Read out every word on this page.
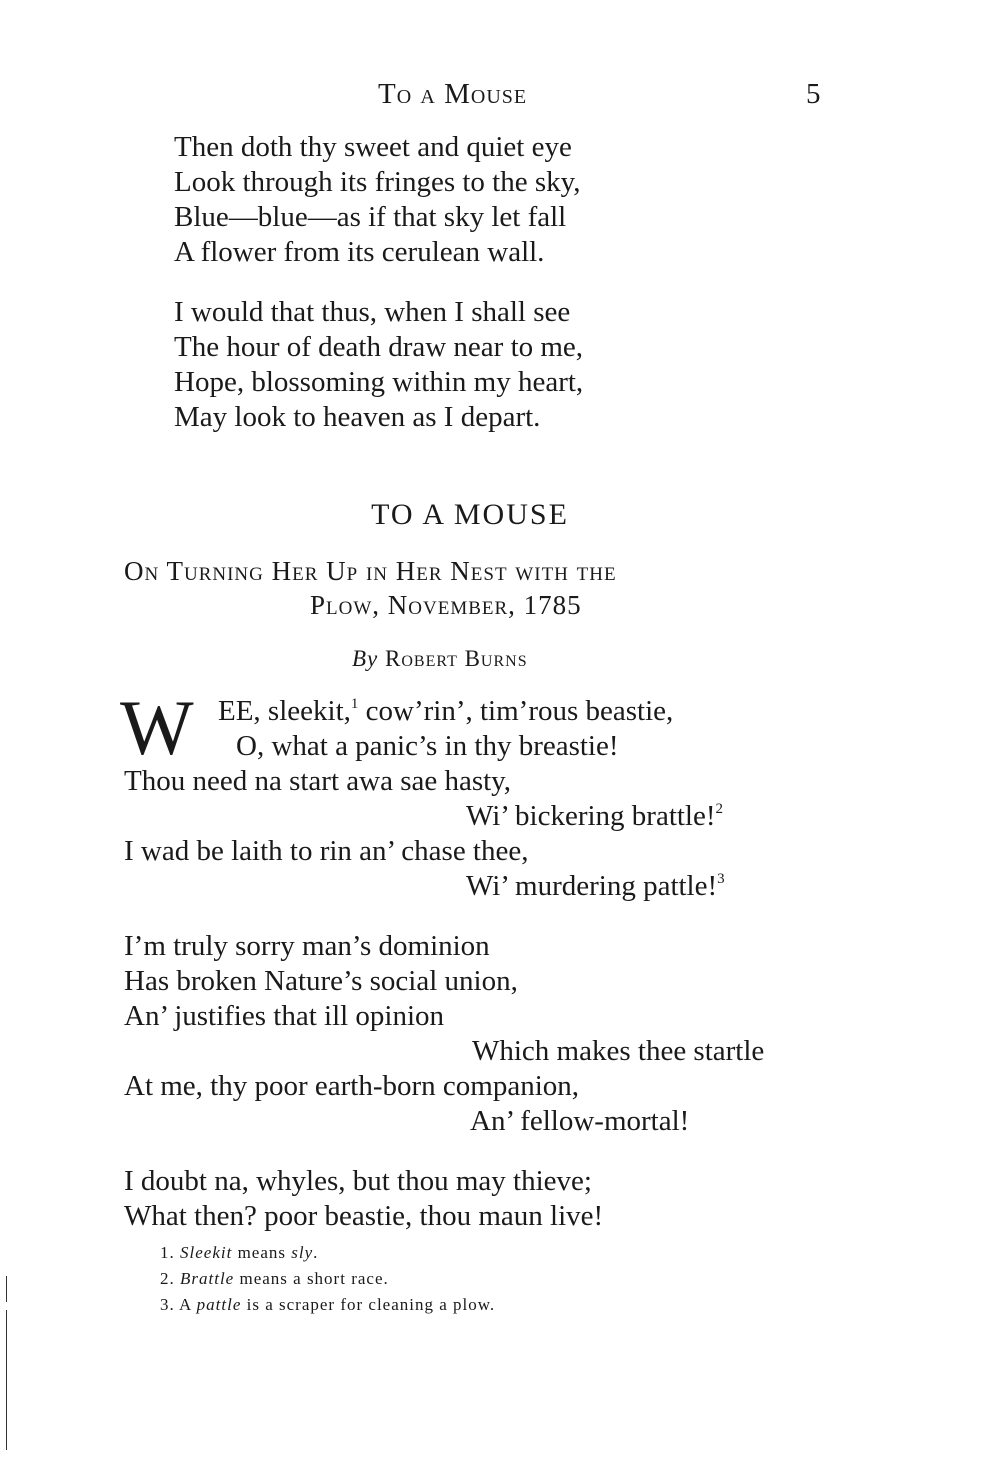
To a Mouse	5
Then doth thy sweet and quiet eye
Look through its fringes to the sky,
Blue—blue—as if that sky let fall
A flower from its cerulean wall.
I would that thus, when I shall see
The hour of death draw near to me,
Hope, blossoming within my heart,
May look to heaven as I depart.
TO A MOUSE
On Turning Her Up in Her Nest with the
Plow, November, 1785
By Robert Burns
W EE, sleekit,$^1$ cow’rin’, tim’rous beastie,
O, what a panic’s in thy breastie!
Thou need na start awa sae hasty,
Wi’ bickering brattle!$^2$
I wad be laith to rin an’ chase thee,
Wi’ murdering pattle!$^3$
I’m truly sorry man’s dominion
Has broken Nature’s social union,
An’ justifies that ill opinion
Which makes thee startle
At me, thy poor earth-born companion,
An’ fellow-mortal!
I doubt na, whyles, but thou may thieve;
What then? poor beastie, thou maun live!
1. Sleekit means sly.
2. Brattle means a short race.
3. A pattle is a scraper for cleaning a plow.
